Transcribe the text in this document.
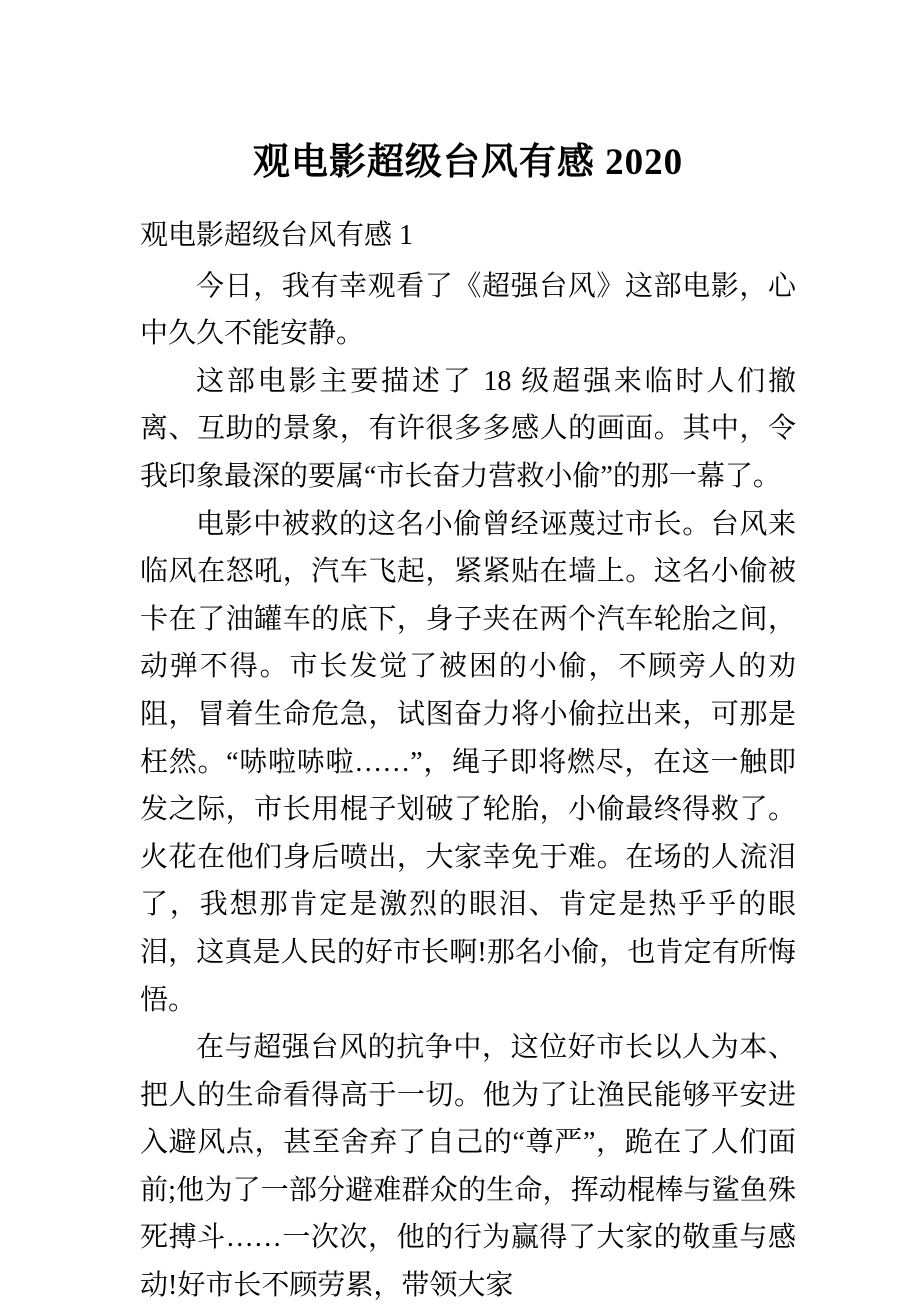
观电影超级台风有感 2020

观电影超级台风有感 1

今日，我有幸观看了《超强台风》这部电影，心中久久不能安静。

这部电影主要描述了 18 级超强来临时人们撤离、互助的景象，有许很多多感人的画面。其中，令我印象最深的要属“市长奋力营救小偷”的那一幕了。

电影中被救的这名小偷曾经诬蔑过市长。台风来临风在怒吼，汽车飞起，紧紧贴在墙上。这名小偷被卡在了油罐车的底下，身子夹在两个汽车轮胎之间，动弹不得。市长发觉了被困的小偷，不顾旁人的劝阻，冒着生命危急，试图奋力将小偷拉出来，可那是枉然。“哧啦哧啦……”，绳子即将燃尽，在这一触即发之际，市长用棍子划破了轮胎，小偷最终得救了。火花在他们身后喷出，大家幸免于难。在场的人流泪了，我想那肯定是激烈的眼泪、肯定是热乎乎的眼泪，这真是人民的好市长啊!那名小偷，也肯定有所悔悟。

在与超强台风的抗争中，这位好市长以人为本、把人的生命看得高于一切。他为了让渔民能够平安进入避风点，甚至舍弃了自己的“尊严”，跪在了人们面前;他为了一部分避难群众的生命，挥动棍棒与鲨鱼殊死搏斗……一次次，他的行为赢得了大家的敬重与感动!好市长不顾劳累，带领大家
